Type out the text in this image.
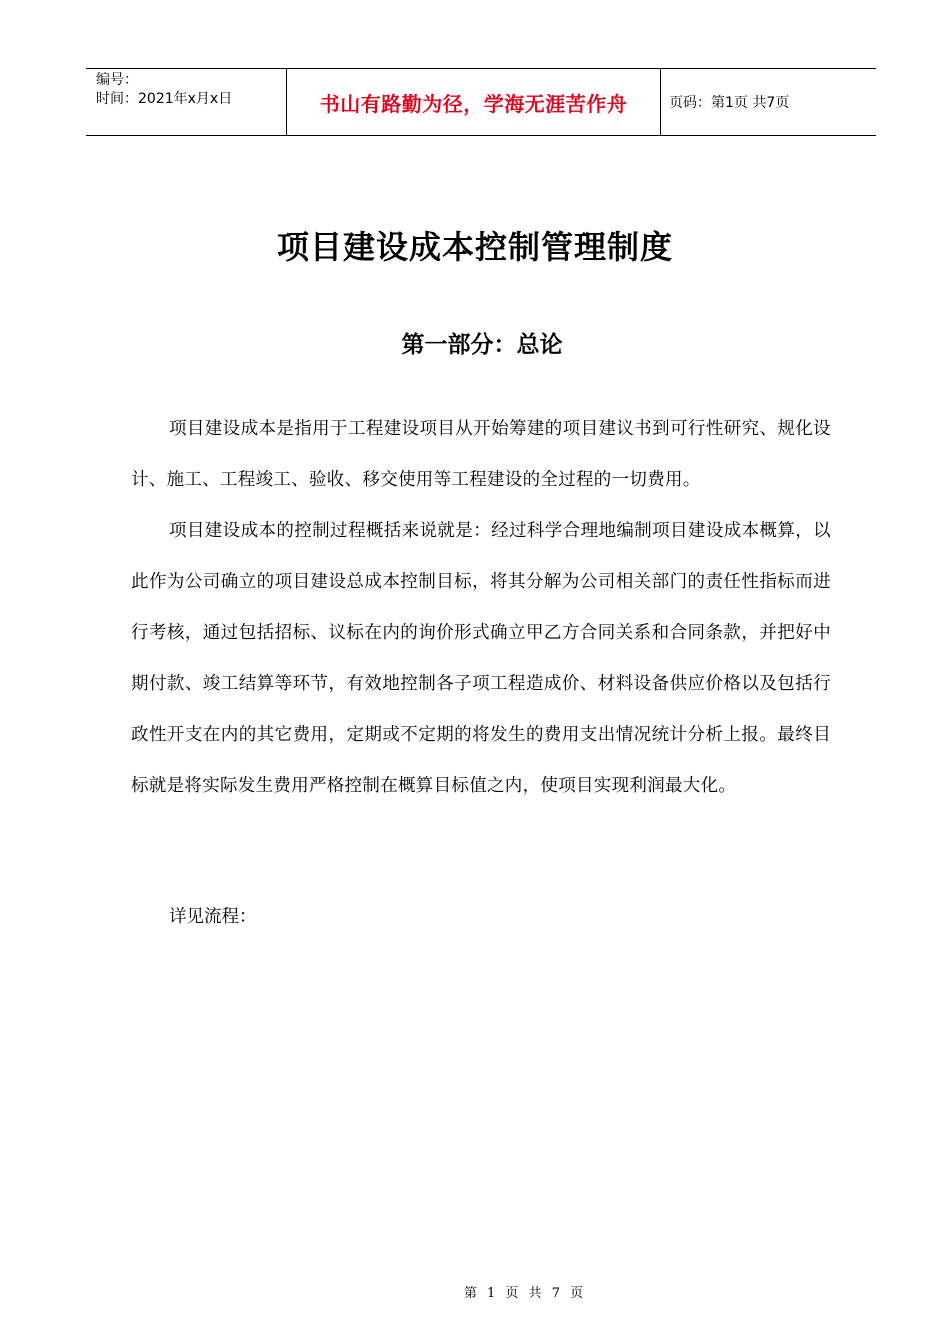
编号：
时间：2021年x月x日	书山有路勤为径，学海无涯苦作舟	页码：第1页 共7页
项目建设成本控制管理制度
第一部分：总论

项目建设成本是指用于工程建设项目从开始筹建的项目建议书到可行性研究、规化设计、施工、工程竣工、验收、移交使用等工程建设的全过程的一切费用。

项目建设成本的控制过程概括来说就是：经过科学合理地编制项目建设成本概算，以此作为公司确立的项目建设总成本控制目标，将其分解为公司相关部门的责任性指标而进行考核，通过包括招标、议标在内的询价形式确立甲乙方合同关系和合同条款，并把好中期付款、竣工结算等环节，有效地控制各子项工程造成价、材料设备供应价格以及包括行政性开支在内的其它费用，定期或不定期的将发生的费用支出情况统计分析上报。最终目标就是将实际发生费用严格控制在概算目标值之内，使项目实现利润最大化。

详见流程：
第 1 页 共 7 页
